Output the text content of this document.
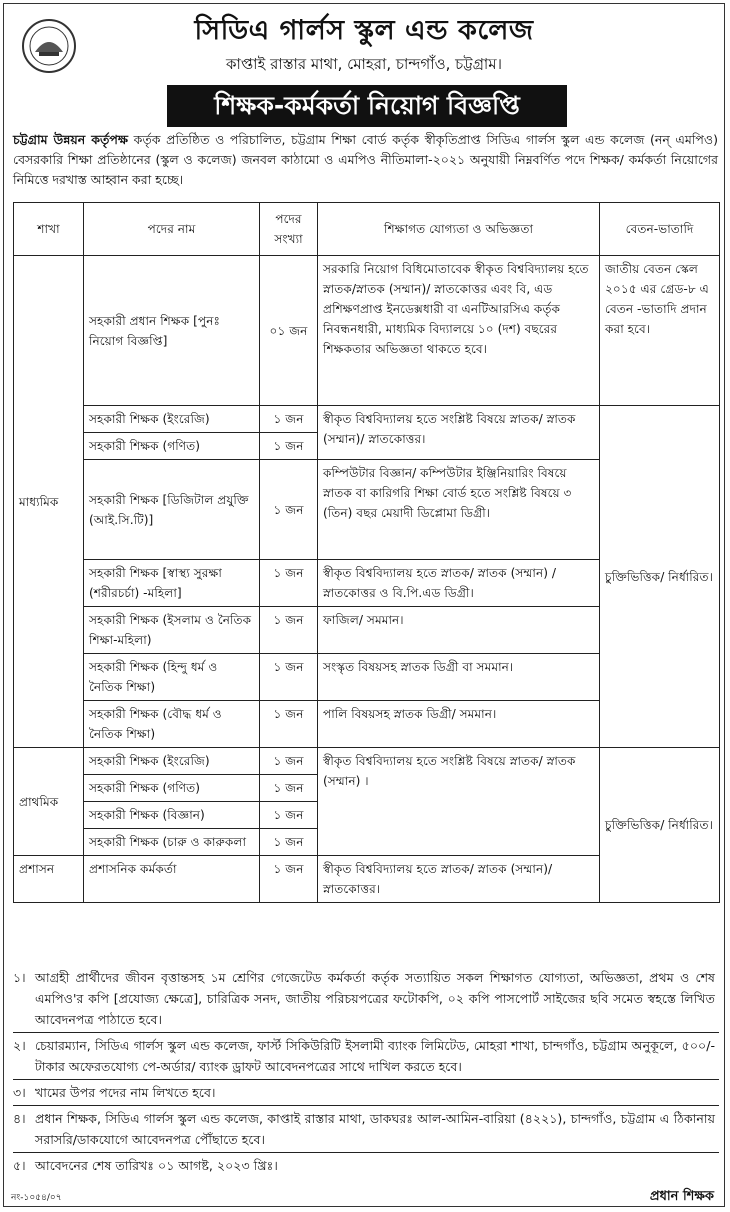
সিডিএ গার্লস স্কুল এন্ড কলেজ
কাপ্তাই রাস্তার মাথা, মোহরা, চান্দগাঁও, চট্টগ্রাম।
শিক্ষক-কর্মকর্তা নিয়োগ বিজ্ঞপ্তি
চট্টগ্রাম উন্নয়ন কর্তৃপক্ষ কর্তৃক প্রতিষ্ঠিত ও পরিচালিত, চট্টগ্রাম শিক্ষা বোর্ড কর্তৃক স্বীকৃতিপ্রাপ্ত সিডিএ গার্লস স্কুল এন্ড কলেজ (নন্ এমপিও) বেসরকারি শিক্ষা প্রতিষ্ঠানের (স্কুল ও কলেজ) জনবল কাঠামো ও এমপিও নীতিমালা-২০২১ অনুযায়ী নিম্নবর্ণিত পদে শিক্ষক/ কর্মকর্তা নিয়োগের নিমিত্তে দরখাস্ত আহ্বান করা হচ্ছে।
শাখা	পদের নাম	পদের সংখ্যা	শিক্ষাগত যোগ্যতা ও অভিজ্ঞতা	বেতন-ভাতাদি
মাধ্যমিক	সহকারী প্রধান শিক্ষক [পুনঃ নিয়োগ বিজ্ঞপ্তি]	০১ জন	সরকারি নিয়োগ বিধিমোতাবেক স্বীকৃত বিশ্ববিদ্যালয় হতে স্নাতক/স্নাতক (সম্মান)/ স্নাতকোত্তর এবং বি, এড প্রশিক্ষণপ্রাপ্ত ইনডেক্সধারী বা এনটিআরসিএ কর্তৃক নিবন্ধনধারী, মাধ্যমিক বিদ্যালয়ে ১০ (দশ) বছরের শিক্ষকতার অভিজ্ঞতা থাকতে হবে।	জাতীয় বেতন স্কেল ২০১৫ এর গ্রেড-৮ এ বেতন -ভাতাদি প্রদান করা হবে।
	সহকারী শিক্ষক (ইংরেজি)	১ জন	স্বীকৃত বিশ্ববিদ্যালয় হতে সংশ্লিষ্ট বিষয়ে স্নাতক/ স্নাতক (সম্মান)/ স্নাতকোত্তর।	চুক্তিভিত্তিক/ নির্ধারিত।
	সহকারী শিক্ষক (গণিত)	১ জন		
	সহকারী শিক্ষক [ডিজিটাল প্রযুক্তি (আই.সি.টি)]	১ জন	কম্পিউটার বিজ্ঞান/ কম্পিউটার ইঞ্জিনিয়ারিং বিষয়ে স্নাতক বা কারিগরি শিক্ষা বোর্ড হতে সংশ্লিষ্ট বিষয়ে ৩ (তিন) বছর মেয়াদী ডিপ্লোমা ডিগ্রী।	
	সহকারী শিক্ষক [স্বাস্থ্য সুরক্ষা (শরীরচর্চা) -মহিলা]	১ জন	স্বীকৃত বিশ্ববিদ্যালয় হতে স্নাতক/ স্নাতক (সম্মান) / স্নাতকোত্তর ও বি.পি.এড ডিগ্রী।	
	সহকারী শিক্ষক (ইসলাম ও নৈতিক শিক্ষা-মহিলা)	১ জন	ফাজিল/ সমমান।	
	সহকারী শিক্ষক (হিন্দু ধর্ম ও নৈতিক শিক্ষা)	১ জন	সংস্কৃত বিষয়সহ স্নাতক ডিগ্রী বা সমমান।	
	সহকারী শিক্ষক (বৌদ্ধ ধর্ম ও নৈতিক শিক্ষা)	১ জন	পালি বিষয়সহ স্নাতক ডিগ্রী/ সমমান।	
প্রাথমিক	সহকারী শিক্ষক (ইংরেজি)	১ জন	স্বীকৃত বিশ্ববিদ্যালয় হতে সংশ্লিষ্ট বিষয়ে স্নাতক/ স্নাতক (সম্মান) ।	চুক্তিভিত্তিক/ নির্ধারিত।
	সহকারী শিক্ষক (গণিত)	১ জন		
	সহকারী শিক্ষক (বিজ্ঞান)	১ জন		
	সহকারী শিক্ষক (চারু ও কারুকলা	১ জন		
প্রশাসন	প্রশাসনিক কর্মকর্তা	১ জন	স্বীকৃত বিশ্ববিদ্যালয় হতে স্নাতক/ স্নাতক (সম্মান)/ স্নাতকোত্তর।	
১। আগ্রহী প্রার্থীদের জীবন বৃত্তান্তসহ ১ম শ্রেণির গেজেটেড কর্মকর্তা কর্তৃক সত্যায়িত সকল শিক্ষাগত যোগ্যতা, অভিজ্ঞতা, প্রথম ও শেষ এমপিও'র কপি [প্রযোজ্য ক্ষেত্রে], চারিত্রিক সনদ, জাতীয় পরিচয়পত্রের ফটোকপি, ০২ কপি পাসপোর্ট সাইজের ছবি সমেত স্বহস্তে লিখিত আবেদনপত্র পাঠাতে হবে।
২। চেয়ারম্যান, সিডিএ গার্লস স্কুল এন্ড কলেজ, ফার্স্ট সিকিউরিটি ইসলামী ব্যাংক লিমিটেড, মোহরা শাখা, চান্দগাঁও, চট্টগ্রাম অনুকূলে, ৫০০/- টাকার অফেরতযোগ্য পে-অর্ডার/ ব্যাংক ড্রাফট আবেদনপত্রের সাথে দাখিল করতে হবে।
৩। খামের উপর পদের নাম লিখতে হবে।
৪। প্রধান শিক্ষক, সিডিএ গার্লস স্কুল এন্ড কলেজ, কাপ্তাই রাস্তার মাথা, ডাকঘরঃ আল-আমিন-বারিয়া (৪২২১), চান্দগাঁও, চট্টগ্রাম এ ঠিকানায় সরাসরি/ডাকযোগে আবেদনপত্র পৌঁছাতে হবে।
৫। আবেদনের শেষ তারিখঃ ০১ আগষ্ট, ২০২৩ খ্রিঃ।
নং-১০৫৪/০৭	প্রধান শিক্ষক
